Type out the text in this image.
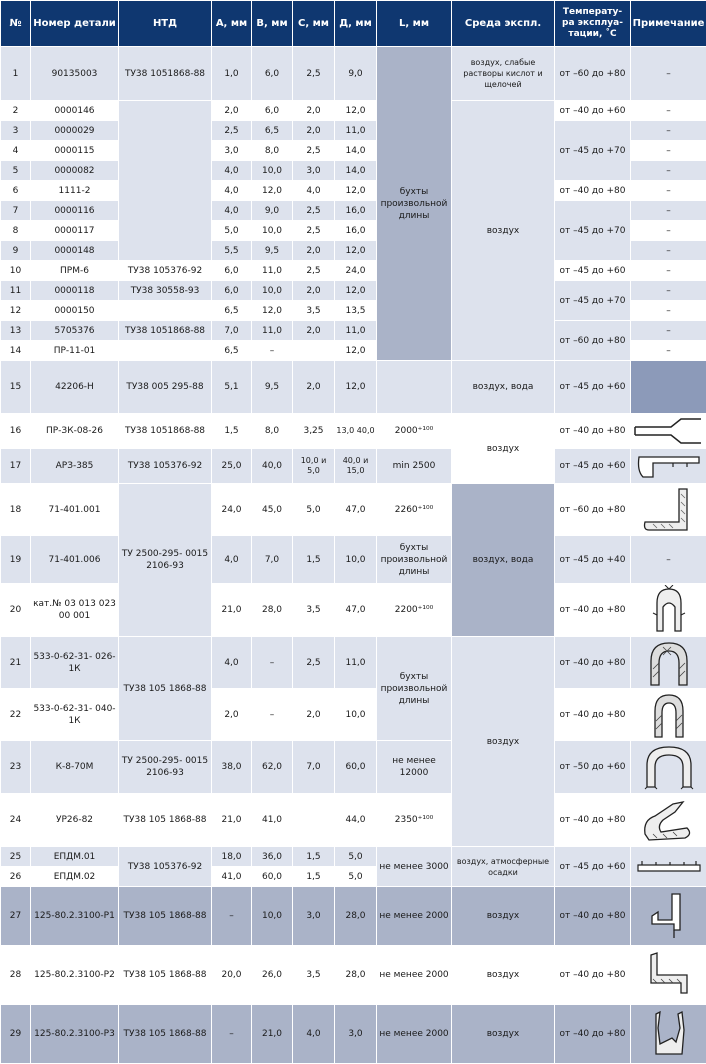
№	Номер детали	НТД	А, мм	В, мм	С, мм	Д, мм	L, мм	Среда экспл.	Температу- ра эксплуа- тации, ˚С	Примечание
1	90135003	ТУ38 1051868-88	1,0	6,0	2,5	9,0	бухты произвольной длины	воздух, слабые растворы кислот и щелочей	от –60 до +80	–
2	0000146		2,0	6,0	2,0	12,0		воздух	от –40 до +60	–
3	0000029		2,5	6,5	2,0	11,0			от –45 до +70	–
4	0000115		3,0	8,0	2,5	14,0				–
5	0000082		4,0	10,0	3,0	14,0				–
6	1111-2		4,0	12,0	4,0	12,0			от –40 до +80	–
7	0000116		4,0	9,0	2,5	16,0			от –45 до +70	–
8	0000117		5,0	10,0	2,5	16,0				–
9	0000148		5,5	9,5	2,0	12,0				–
10	ПРМ-6	ТУ38 105376-92	6,0	11,0	2,5	24,0			от –45 до +60	–
11	0000118	ТУ38 30558-93	6,0	10,0	2,0	12,0			от –45 до +70	–
12	0000150		6,5	12,0	3,5	13,5				–
13	5705376	ТУ38 1051868-88	7,0	11,0	2,0	11,0			от –60 до +80	–
14	ПР-11-01		6,5	–		12,0				–
15	42206-Н	ТУ38 005 295-88	5,1	9,5	2,0	12,0		воздух, вода	от –45 до +60	
16	ПР-ЗК-08-26	ТУ38 1051868-88	1,5	8,0	3,25	13,0 40,0	2000⁺¹⁰⁰	воздух	от –40 до +80	

17	АРЗ-385	ТУ38 105376-92	25,0	40,0	10,0 и 5,0	40,0 и 15,0	min 2500		от –45 до +60	

18	71-401.001	ТУ 2500-295- 0015 2106-93	24,0	45,0	5,0	47,0	2260⁺¹⁰⁰	воздух, вода	от –60 до +80	

19	71-401.006		4,0	7,0	1,5	10,0	бухты произвольной длины		от –45 до +40	–
20	кат.№ 03 013 023 00 001		21,0	28,0	3,5	47,0	2200⁺¹⁰⁰		от –40 до +80	

21	533-0-62-31- 026-1К	ТУ38 105 1868-88	4,0	–	2,5	11,0	бухты произвольной длины	воздух	от –40 до +80	

22	533-0-62-31- 040-1К		2,0	–	2,0	10,0			от –40 до +80	

23	К-8-70М	ТУ 2500-295- 0015 2106-93	38,0	62,0	7,0	60,0	не менее 12000		от –50 до +60	

24	УР26-82	ТУ38 105 1868-88	21,0	41,0		44,0	2350⁺¹⁰⁰		от –40 до +80	

25	ЕПДМ.01	ТУ38 105376-92	18,0	36,0	1,5	5,0	не менее 3000	воздух, атмосферные осадки	от –45 до +60	

26	ЕПДМ.02		41,0	60,0	1,5	5,0				
27	125-80.2.3100-Р1	ТУ38 105 1868-88	–	10,0	3,0	28,0	не менее 2000	воздух	от –40 до +80	

28	125-80.2.3100-Р2	ТУ38 105 1868-88	20,0	26,0	3,5	28,0	не менее 2000	воздух	от –40 до +80	

29	125-80.2.3100-Р3	ТУ38 105 1868-88	–	21,0	4,0	3,0	не менее 2000	воздух	от –40 до +80	
